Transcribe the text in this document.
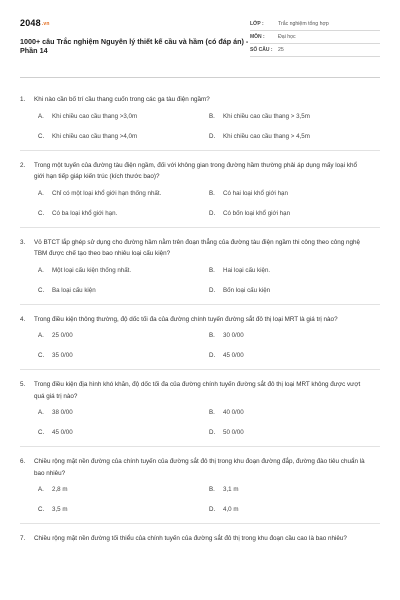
$2048^{.vn}$
1000+ câu Trắc nghiệm Nguyên lý thiết kế cầu và hầm (có đáp án) - Phần 14
LỚP :	Trắc nghiệm tổng hợp
MÔN :	Đại học
SỐ CÂU :	25
1.	Khi nào cần bố trí cầu thang cuốn trong các ga tàu điện ngầm?
A.	Khi chiều cao cầu thang >3,0m	B.	Khi chiều cao cầu thang > 3,5m
C.	Khi chiều cao cầu thang >4,0m	D.	Khi chiều cao cầu thang > 4,5m
2.	Trong một tuyến của đường tàu điện ngầm, đối với không gian trong đường hầm thường phải áp dụng mấy loại khổ giới hạn tiếp giáp kiến trúc (kích thước bao)?
A.	Chỉ có một loại khổ giới hạn thống nhất.	B.	Có hai loại khổ giới hạn
C.	Có ba loại khổ giới hạn.	D.	Có bốn loại khổ giới hạn
3.	Vỏ BTCT lắp ghép sử dụng cho đường hầm nằm trên đoạn thẳng của đường tàu điện ngầm thi công theo công nghệ TBM được chế tạo theo bao nhiêu loại cấu kiện?
A.	Một loại cấu kiện thống nhất.	B.	Hai loại cấu kiện.
C.	Ba loại cấu kiện	D.	Bốn loại cấu kiện
4.	Trong điều kiện thông thường, độ dốc tối đa của đường chính tuyến đường sắt đô thị loại MRT là giá trị nào?
A.	25 0/00	B.	30 0/00
C.	35 0/00	D.	45 0/00
5.	Trong điều kiện địa hình khó khăn, độ dốc tối đa của đường chính tuyến đường sắt đô thị loại MRT không được vượt quá giá trị nào?
A.	38 0/00	B.	40 0/00
C.	45 0/00	D.	50 0/00
6.	Chiều rộng mặt nền đường của chính tuyến của đường sắt đô thị trong khu đoạn đường đắp, đường đào tiêu chuẩn là bao nhiêu?
A.	2,8 m	B.	3,1 m
C.	3,5 m	D.	4,0 m
7.	Chiều rộng mặt nền đường tối thiểu của chính tuyến của đường sắt đô thị trong khu đoạn cầu cao là bao nhiêu?
